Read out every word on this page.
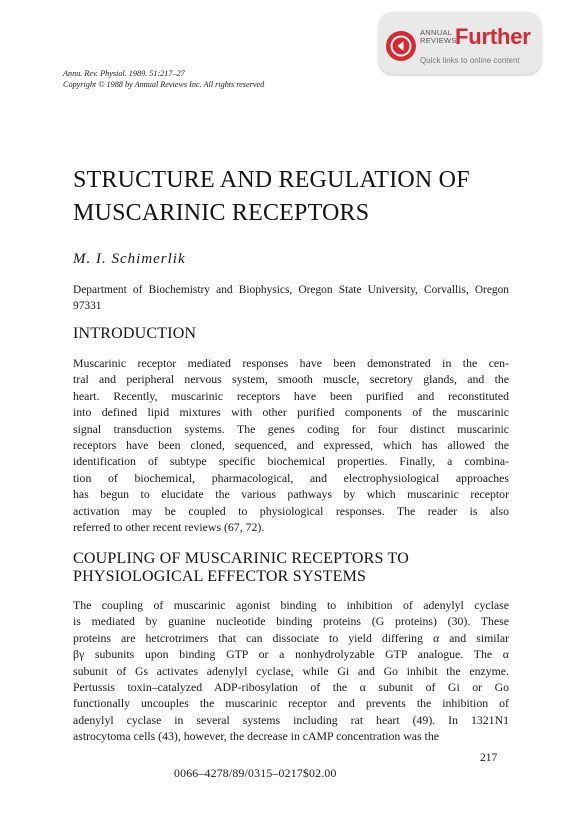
ANNUAL
REVIEWS
Further
Quick links to online content
Annu. Rev. Physiol. 1989. 51:217–27
Copyright © 1988 by Annual Reviews Inc. All rights reserved
STRUCTURE AND REGULATION OF
MUSCARINIC RECEPTORS
M. I. Schimerlik
Department of Biochemistry and Biophysics, Oregon State University, Corvallis, Oregon 97331
INTRODUCTION
Muscarinic receptor mediated responses have been demonstrated in the cen-
tral and peripheral nervous system, smooth muscle, secretory glands, and the
heart. Recently, muscarinic receptors have been purified and reconstituted
into defined lipid mixtures with other purified components of the muscarinic
signal transduction systems. The genes coding for four distinct muscarinic
receptors have been cloned, sequenced, and expressed, which has allowed the
identification of subtype specific biochemical properties. Finally, a combina-
tion of biochemical, pharmacological, and electrophysiological approaches
has begun to elucidate the various pathways by which muscarinic receptor
activation may be coupled to physiological responses. The reader is also
referred to other recent reviews (67, 72).
COUPLING OF MUSCARINIC RECEPTORS TO
PHYSIOLOGICAL EFFECTOR SYSTEMS
The coupling of muscarinic agonist binding to inhibition of adenylyl cyclase
is mediated by guanine nucleotide binding proteins (G proteins) (30). These
proteins are hetcrotrimers that can dissociate to yield differing α and similar
βγ subunits upon binding GTP or a nonhydrolyzable GTP analogue. The α
subunit of Gs activates adenylyl cyclase, while Gi and Go inhibit the enzyme.
Pertussis toxin–catalyzed ADP-ribosylation of the α subunit of Gi or Go
functionally uncouples the muscarinic receptor and prevents the inhibition of
adenylyl cyclase in several systems including rat heart (49). In 1321N1
astrocytoma cells (43), however, the decrease in cAMP concentration was the
217
0066–4278/89/0315–0217$02.00
